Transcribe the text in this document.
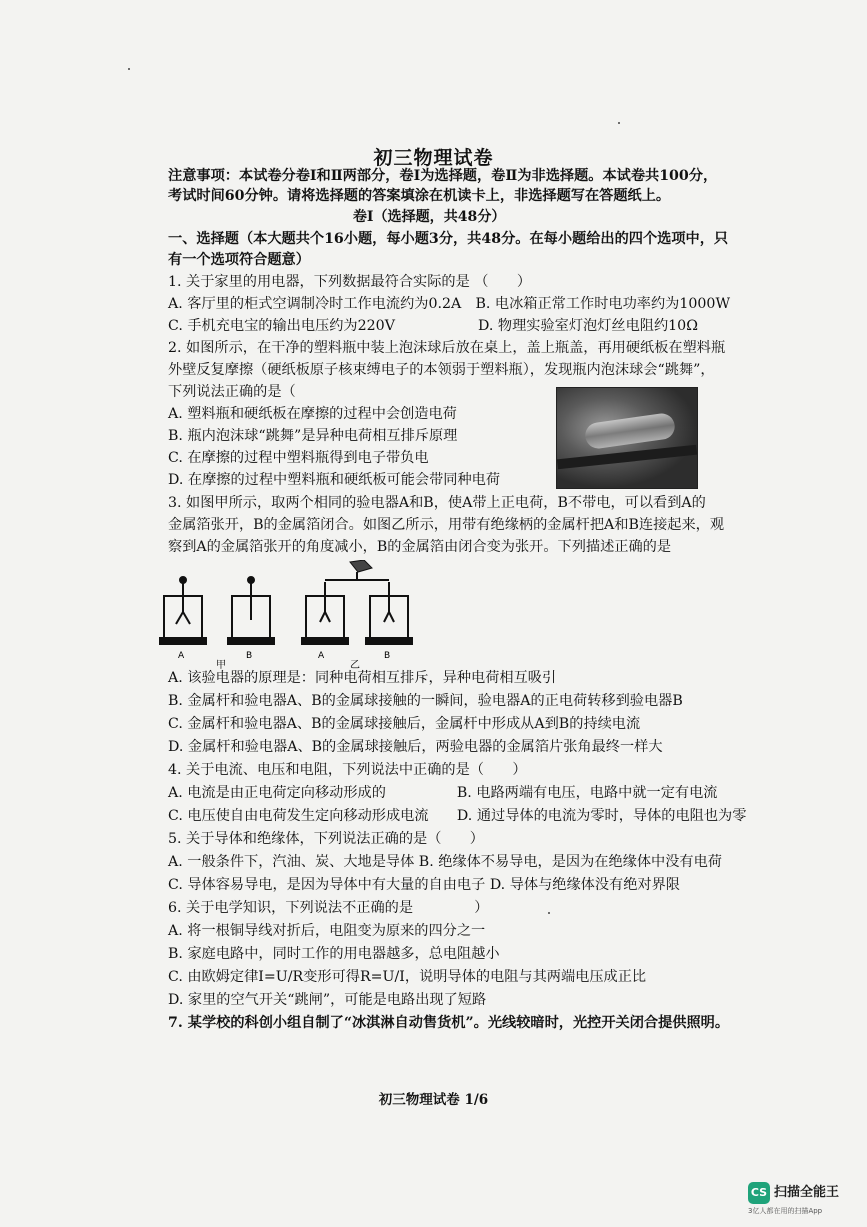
初三物理试卷
注意事项：本试卷分卷Ⅰ和Ⅱ两部分，卷Ⅰ为选择题，卷Ⅱ为非选择题。本试卷共100分，
考试时间60分钟。请将选择题的答案填涂在机读卡上，非选择题写在答题纸上。
卷Ⅰ（选择题，共48分）
一、选择题（本大题共个16小题，每小题3分，共48分。在每小题给出的四个选项中，只
有一个选项符合题意）
1. 关于家里的用电器，下列数据最符合实际的是 （　　）
A. 客厅里的柜式空调制冷时工作电流约为0.2A　B. 电冰箱正常工作时电功率约为1000W
C. 手机充电宝的输出电压约为220V	D. 物理实验室灯泡灯丝电阻约10Ω
2. 如图所示，在干净的塑料瓶中装上泡沫球后放在桌上，盖上瓶盖，再用硬纸板在塑料瓶
外壁反复摩擦（硬纸板原子核束缚电子的本领弱于塑料瓶），发现瓶内泡沫球会“跳舞”，
下列说法正确的是（
A. 塑料瓶和硬纸板在摩擦的过程中会创造电荷
B. 瓶内泡沫球“跳舞”是异种电荷相互排斥原理
C. 在摩擦的过程中塑料瓶得到电子带负电
D. 在摩擦的过程中塑料瓶和硬纸板可能会带同种电荷
3. 如图甲所示，取两个相同的验电器A和B，使A带上正电荷，B不带电，可以看到A的
金属箔张开，B的金属箔闭合。如图乙所示，用带有绝缘柄的金属杆把A和B连接起来，观
察到A的金属箔张开的角度减小，B的金属箔由闭合变为张开。下列描述正确的是
A	B	A	B
甲	乙
A. 该验电器的原理是：同种电荷相互排斥，异种电荷相互吸引
B. 金属杆和验电器A、B的金属球接触的一瞬间，验电器A的正电荷转移到验电器B
C. 金属杆和验电器A、B的金属球接触后，金属杆中形成从A到B的持续电流
D. 金属杆和验电器A、B的金属球接触后，两验电器的金属箔片张角最终一样大
4. 关于电流、电压和电阻，下列说法中正确的是（　　）
A. 电流是由正电荷定向移动形成的　　　　　B. 电路两端有电压，电路中就一定有电流
C. 电压使自由电荷发生定向移动形成电流　　D. 通过导体的电流为零时，导体的电阻也为零
5. 关于导体和绝缘体，下列说法正确的是（　　）
A. 一般条件下，汽油、炭、大地是导体 B. 绝缘体不易导电，是因为在绝缘体中没有电荷
C. 导体容易导电，是因为导体中有大量的自由电子 D. 导体与绝缘体没有绝对界限
6. 关于电学知识，下列说法不正确的是 　　　　）
A. 将一根铜导线对折后，电阻变为原来的四分之一
B. 家庭电路中，同时工作的用电器越多，总电阻越小
C. 由欧姆定律I=U/R变形可得R=U/I，说明导体的电阻与其两端电压成正比
D. 家里的空气开关“跳闸”，可能是电路出现了短路
7. 某学校的科创小组自制了“冰淇淋自动售货机”。光线较暗时，光控开关闭合提供照明。
初三物理试卷 1/6
CS 扫描全能王
3亿人都在用的扫描App
